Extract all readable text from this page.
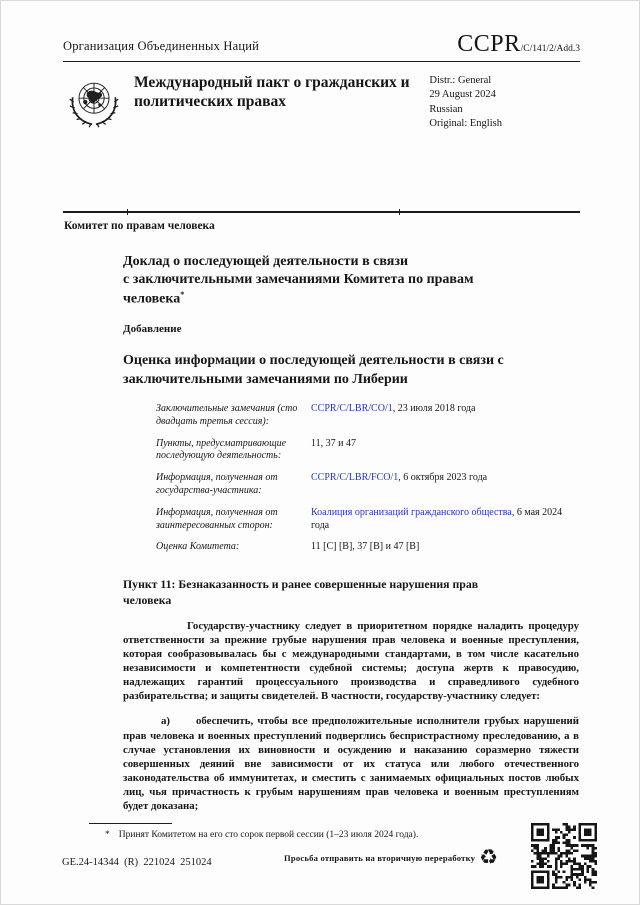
Организация Объединенных Наций	CCPR/C/141/2/Add.3
Международный пакт о гражданских и политических правах
Distr.: General
29 August 2024
Russian
Original: English
Комитет по правам человека
Доклад о последующей деятельности в связи с заключительными замечаниями Комитета по правам человека*
Добавление
Оценка информации о последующей деятельности в связи с заключительными замечаниями по Либерии
Заключительные замечания (сто двадцать третья сессия):
CCPR/C/LBR/CO/1, 23 июля 2018 года
Пункты, предусматривающие последующую деятельность:
11, 37 и 47
Информация, полученная от государства-участника:
CCPR/C/LBR/FCO/1, 6 октября 2023 года
Информация, полученная от заинтересованных сторон:
Коалиция организаций гражданского общества, 6 мая 2024 года
Оценка Комитета:	11 [C] [B], 37 [B] и 47 [B]
Пункт 11: Безнаказанность и ранее совершенные нарушения прав человека

Государству-участнику следует в приоритетном порядке наладить процедуру ответственности за прежние грубые нарушения прав человека и военные преступления, которая сообразовывалась бы с международными стандартами, в том числе касательно независимости и компетентности судебной системы; доступа жертв к правосудию, надлежащих гарантий процессуального производства и справедливого судебного разбирательства; и защиты свидетелей. В частности, государству-участнику следует:

а) обеспечить, чтобы все предположительные исполнители грубых нарушений прав человека и военных преступлений подверглись беспристрастному преследованию, а в случае установления их виновности и осуждению и наказанию соразмерно тяжести совершенных деяний вне зависимости от их статуса или любого отечественного законодательства об иммунитетах, и сместить с занимаемых официальных постов любых лиц, чья причастность к грубым нарушениям прав человека и военным преступлениям будет доказана;

* Принят Комитетом на его сто сорок первой сессии (1–23 июля 2024 года).
GE.24-14344  (R)  221024  251024	Просьба отправить на вторичную переработку ♻
